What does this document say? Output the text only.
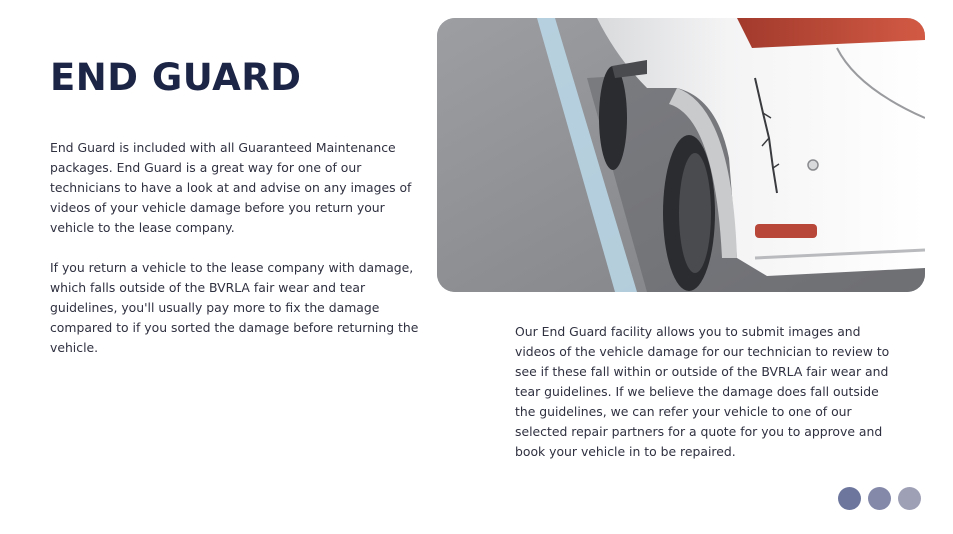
END GUARD

End Guard is included with all Guaranteed Maintenance packages. End Guard is a great way for one of our technicians to have a look at and advise on any images of videos of your vehicle damage before you return your vehicle to the lease company.

If you return a vehicle to the lease company with damage, which falls outside of the BVRLA fair wear and tear guidelines, you'll usually pay more to fix the damage compared to if you sorted the damage before returning the vehicle.

Our End Guard facility allows you to submit images and videos of the vehicle damage for our technician to review to see if these fall within or outside of the BVRLA fair wear and tear guidelines. If we believe the damage does fall outside the guidelines, we can refer your vehicle to one of our selected repair partners for a quote for you to approve and book your vehicle in to be repaired.
